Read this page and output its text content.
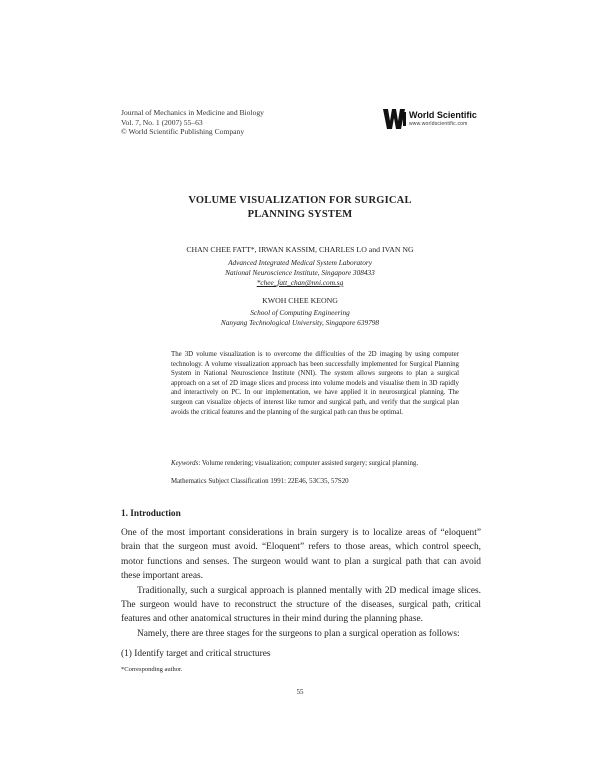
Journal of Mechanics in Medicine and Biology
Vol. 7, No. 1 (2007) 55–63
© World Scientific Publishing Company
World Scientific
www.worldscientific.com
VOLUME VISUALIZATION FOR SURGICAL
PLANNING SYSTEM
CHAN CHEE FATT*, IRWAN KASSIM, CHARLES LO and IVAN NG
Advanced Integrated Medical System Laboratory
National Neuroscience Institute, Singapore 308433
*chee_fatt_chan@nni.com.sg
KWOH CHEE KEONG
School of Computing Engineering
Nanyang Technological University, Singapore 639798
The 3D volume visualization is to overcome the difficulties of the 2D imaging by using computer technology. A volume visualization approach has been successfully implemented for Surgical Planning System in National Neuroscience Institute (NNI). The system allows surgeons to plan a surgical approach on a set of 2D image slices and process into volume models and visualise them in 3D rapidly and interactively on PC. In our implementation, we have applied it in neurosurgical planning. The surgeon can visualize objects of interest like tumor and surgical path, and verify that the surgical plan avoids the critical features and the planning of the surgical path can thus be optimal.
Keywords: Volume rendering; visualization; computer assisted surgery; surgical planning.
Mathematics Subject Classification 1991: 22E46, 53C35, 57S20
1. Introduction

One of the most important considerations in brain surgery is to localize areas of “eloquent” brain that the surgeon must avoid. “Eloquent” refers to those areas, which control speech, motor functions and senses. The surgeon would want to plan a surgical path that can avoid these important areas.

Traditionally, such a surgical approach is planned mentally with 2D medical image slices. The surgeon would have to reconstruct the structure of the diseases, surgical path, critical features and other anatomical structures in their mind during the planning phase.

Namely, there are three stages for the surgeons to plan a surgical operation as follows:

(1) Identify target and critical structures

*Corresponding author.
55
